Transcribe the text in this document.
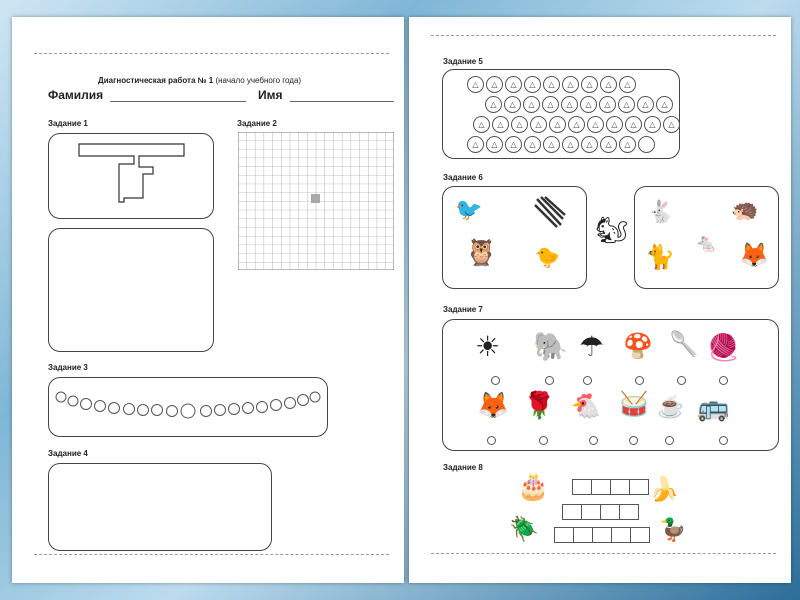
Диагностическая работа № 1 (начало учебного года)
Фамилия	Имя
Задание 1	Задание 2
Задание 3
Задание 4
Задание 5
△	△	△	△	△	△	△	△	△
△	△	△	△	△	△	△	△	△	△
△	△	△	△	△	△	△	△	△	△	△
△	△	△	△	△	△	△	△	△
Задание 6
🐦
🦉 🐤
🐿
🐇	🦔
🐈
🐁 🦊
Задание 7
☀ 🐘 ☂ 🍄 🥄 🧶
🦊 🌹 🐔 🥁 ☕ 🚌
Задание 8
🎂	🍌
🪲	🦆
